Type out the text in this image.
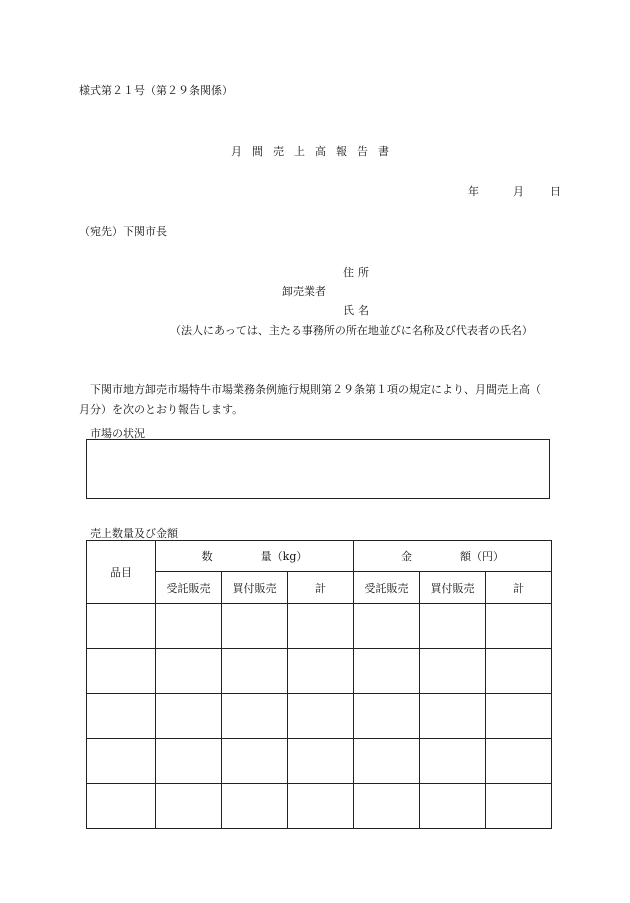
様式第２１号（第２９条関係）
月間売上高報告書
年	月 日
（宛先）下関市長
住所
卸売業者
氏名
（法人にあっては、主たる事務所の所在地並びに名称及び代表者の氏名）
下関市地方卸売市場特牛市場業務条例施行規則第２９条第１項の規定により、月間売上高（　　月分）を次のとおり報告します。
市場の状況
売上数量及び金額
品目	数 量（kg）			金 額（円）		
	受託販売	買付販売	計	受託販売	買付販売	計
